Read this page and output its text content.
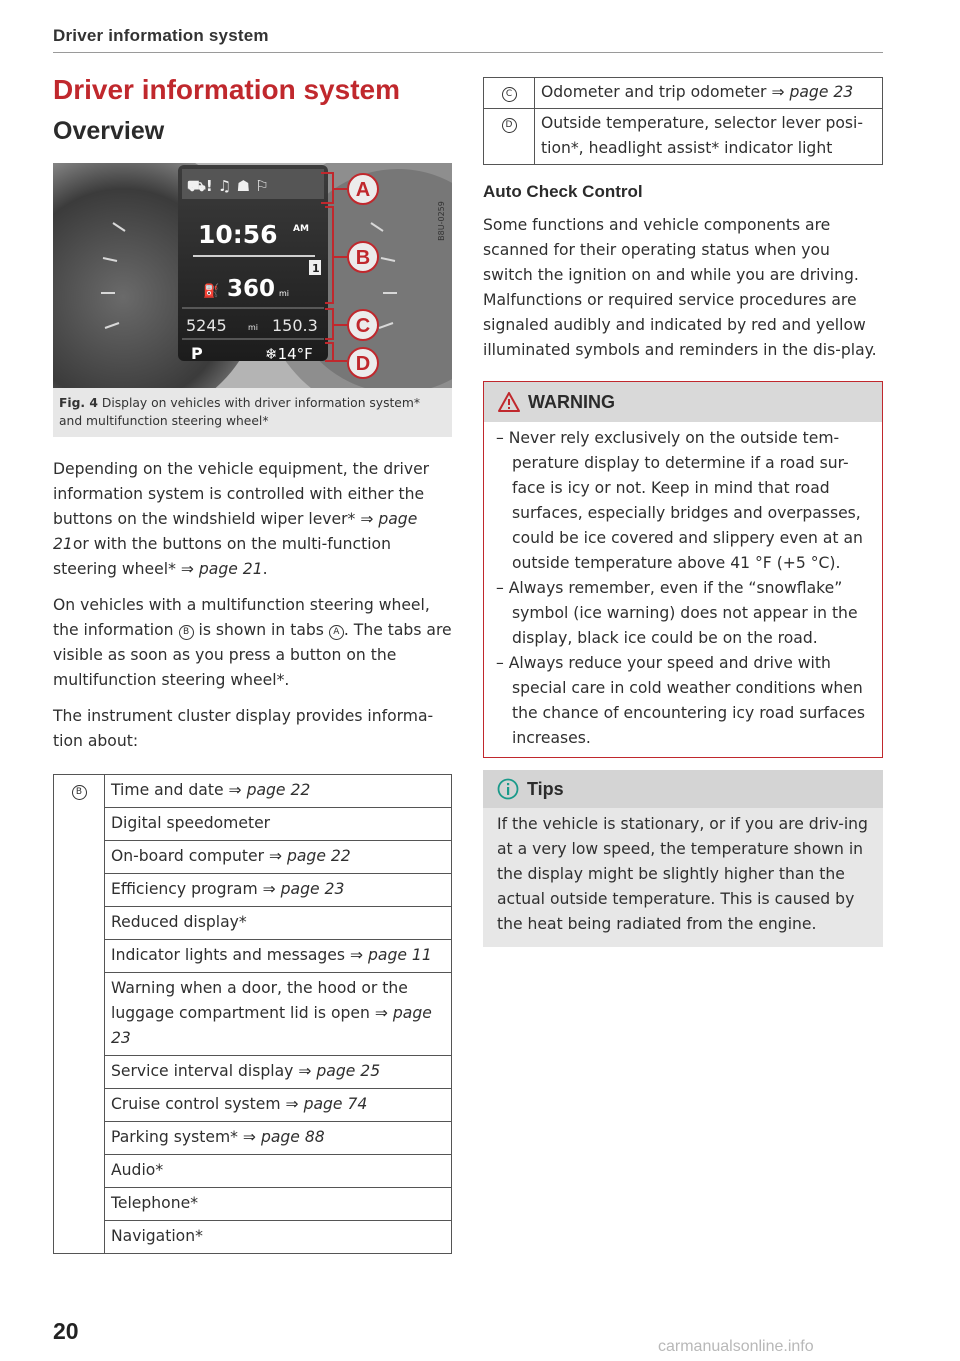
Driver information system
Driver information system
Overview
⛟! ♫ ☗ ⚐
10:56 AM
1
⛽ 360 mi
5245	mi 150.3
P	❄14°F
A
B
C
D
B8U-0259
Fig. 4 Display on vehicles with driver information system* and multifunction steering wheel*

Depending on the vehicle equipment, the driver information system is controlled with either the buttons on the windshield wiper lever* ⇒ page 21or with the buttons on the multi-function steering wheel* ⇒ page 21.

On vehicles with a multifunction steering wheel, the information B is shown in tabs A . The tabs are visible as soon as you press a button on the multifunction steering wheel*.

The instrument cluster display provides informa-tion about:

B	Time and date ⇒ page 22
Digital speedometer
On-board computer ⇒ page 22
Efficiency program ⇒ page 23
Reduced display*
Indicator lights and messages ⇒ page 11
Warning when a door, the hood or the luggage compartment lid is open ⇒ page 23
Service interval display ⇒ page 25
Cruise control system ⇒ page 74
Parking system* ⇒ page 88
Audio*
Telephone*
Navigation*
C	Odometer and trip odometer ⇒ page 23
D	Outside temperature, selector lever posi-tion*, headlight assist* indicator light
Auto Check Control

Some functions and vehicle components are scanned for their operating status when you switch the ignition on and while you are driving. Malfunctions or required service procedures are signaled audibly and indicated by red and yellow illuminated symbols and reminders in the dis-play.

WARNING
– Never rely exclusively on the outside tem-perature display to determine if a road sur-face is icy or not. Keep in mind that road surfaces, especially bridges and overpasses, could be ice covered and slippery even at an outside temperature above 41 °F (+5 °C).
– Always remember, even if the “snowflake” symbol (ice warning) does not appear in the display, black ice could be on the road.
– Always reduce your speed and drive with special care in cold weather conditions when the chance of encountering icy road surfaces increases.
Tips

If the vehicle is stationary, or if you are driv-ing at a very low speed, the temperature shown in the display might be slightly higher than the actual outside temperature. This is caused by the heat being radiated from the engine.

20
carmanualsonline.info
